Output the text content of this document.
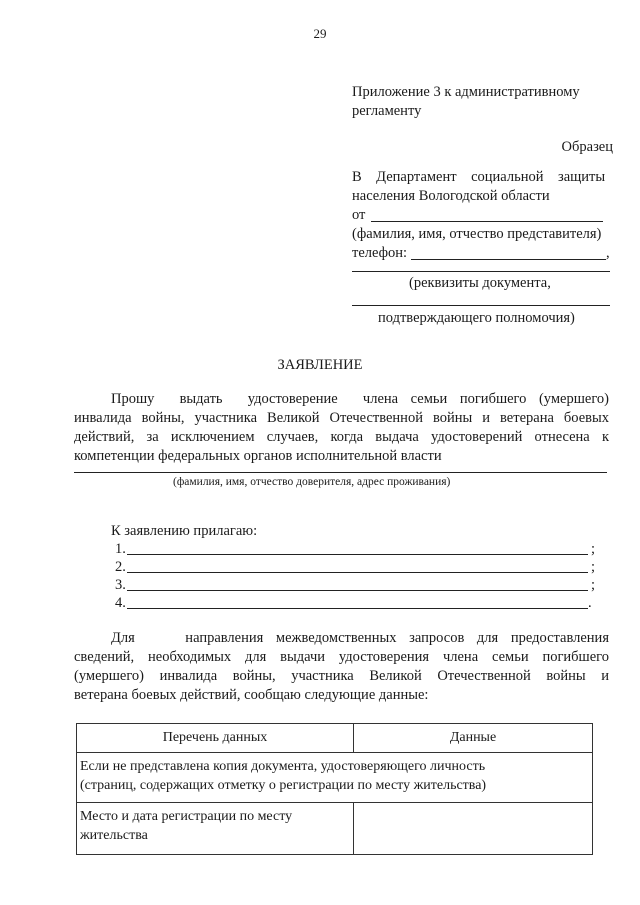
29
Приложение 3 к административному
регламенту
Образец
В    Департамент    социальной    защиты
населения Вологодской области
от
(фамилия, имя, отчество представителя)
телефон:	,
(реквизиты документа,
подтверждающего полномочия)
ЗАЯВЛЕНИЕ
Прошу  выдать  удостоверение  члена семьи погибшего (умершего)
инвалида войны, участника Великой Отечественной войны и ветерана боевых
действий, за исключением случаев, когда выдача удостоверений отнесена к
компетенции федеральных органов исполнительной власти
(фамилия, имя, отчество доверителя, адрес проживания)
К заявлению прилагаю:
1.	;
2.	;
3.	;
4.	.
Для    направления межведомственных запросов для предоставления
сведений, необходимых для выдачи удостоверения члена семьи погибшего
(умершего) инвалида войны, участника Великой Отечественной войны и
ветерана боевых действий, сообщаю следующие данные:
Перечень данных	Данные

Если не представлена копия документа, удостоверяющего личность
(страниц, содержащих отметку о регистрации по месту жительства)	

Место и дата регистрации по месту
жительства	
